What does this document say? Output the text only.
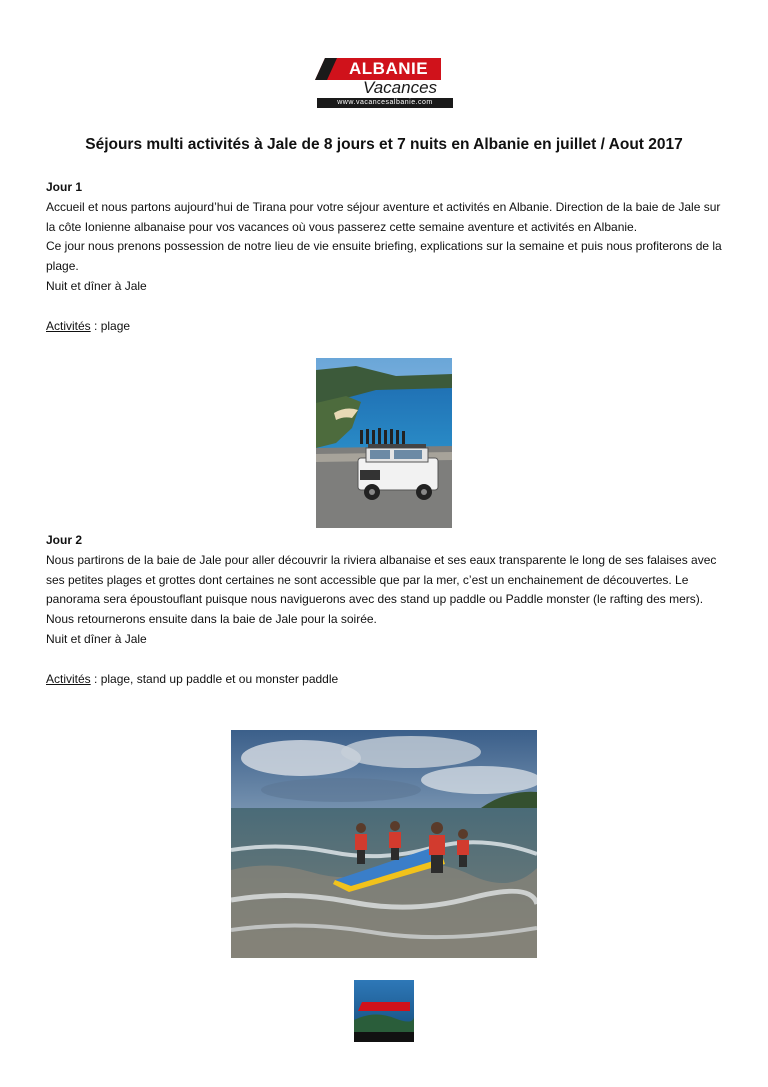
ALBANIE
Vacances
www.vacancesalbanie.com
Séjours multi activités à Jale de 8 jours et 7 nuits en Albanie en juillet / Aout 2017

Jour 1

Accueil et nous partons aujourd’hui de Tirana pour votre séjour aventure et activités en Albanie. Direction de la baie de Jale sur la côte Ionienne albanaise pour vos vacances où vous passerez cette semaine aventure et activités en Albanie.

Ce jour nous prenons possession de notre lieu de vie ensuite briefing, explications sur la semaine et puis nous profiterons de la plage.

Nuit et dîner à Jale

Activités : plage

Jour 2

Nous partirons de la baie de Jale pour aller découvrir la riviera albanaise et ses eaux transparente le long de ses falaises avec ses petites plages et grottes dont certaines ne sont accessible que par la mer, c’est un enchainement de découvertes. Le panorama sera époustouflant puisque nous naviguerons avec des stand up paddle ou Paddle monster (le rafting des mers).

Nous retournerons ensuite dans la baie de Jale pour la soirée.

Nuit et dîner à Jale

Activités : plage, stand up paddle et ou monster paddle
